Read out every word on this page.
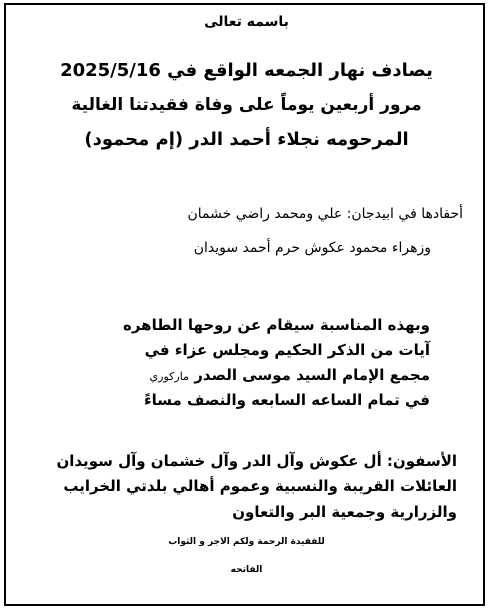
باسمه تعالى
يصادف نهار الجمعه الواقع في 2025/5/16
مرور أربعين يوماً على وفاة فقيدتنا الغالية
المرحومه نجلاء أحمد الدر (إم محمود)
أحفادها في ابيدجان: علي ومحمد راضي خشمان
وزهراء محمود عكوش حرم أحمد سويدان
وبهذه المناسبة سيقام عن روحها الطاهره
آيات من الذكر الحكيم ومجلس عزاء في
مجمع الإمام السيد موسى الصدر ماركوري
في تمام الساعه السابعه والنصف مساءً
الأسفون: أل عكوش وآل الدر وآل خشمان وآل سويدان
العائلات القريبة والنسبية وعموم أهالي بلدتي الخرايب
والزرارية وجمعية البر والتعاون
للفقيدة الرحمة ولكم الاجر و الثواب
الفاتحه
